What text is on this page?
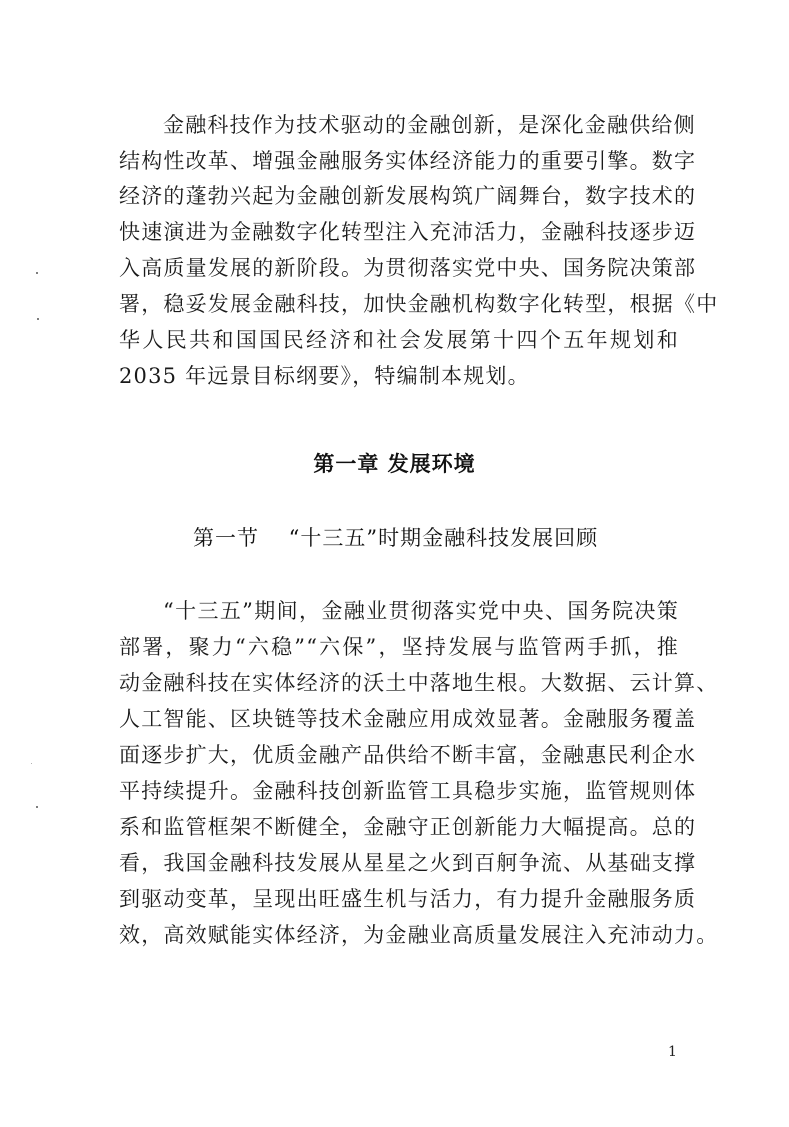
金融科技作为技术驱动的金融创新，是深化金融供给侧
结构性改革、增强金融服务实体经济能力的重要引擎。数字
经济的蓬勃兴起为金融创新发展构筑广阔舞台，数字技术的
快速演进为金融数字化转型注入充沛活力，金融科技逐步迈
入高质量发展的新阶段。为贯彻落实党中央、国务院决策部
署，稳妥发展金融科技，加快金融机构数字化转型，根据《中
华人民共和国国民经济和社会发展第十四个五年规划和
2035 年远景目标纲要》，特编制本规划。
第一章 发展环境
第一节　 “十三五”时期金融科技发展回顾
“十三五”期间，金融业贯彻落实党中央、国务院决策
部署，聚力“六稳”“六保”，坚持发展与监管两手抓，推
动金融科技在实体经济的沃土中落地生根。大数据、云计算、
人工智能、区块链等技术金融应用成效显著。金融服务覆盖
面逐步扩大，优质金融产品供给不断丰富，金融惠民利企水
平持续提升。金融科技创新监管工具稳步实施，监管规则体
系和监管框架不断健全，金融守正创新能力大幅提高。总的
看，我国金融科技发展从星星之火到百舸争流、从基础支撑
到驱动变革，呈现出旺盛生机与活力，有力提升金融服务质
效，高效赋能实体经济，为金融业高质量发展注入充沛动力。
1
